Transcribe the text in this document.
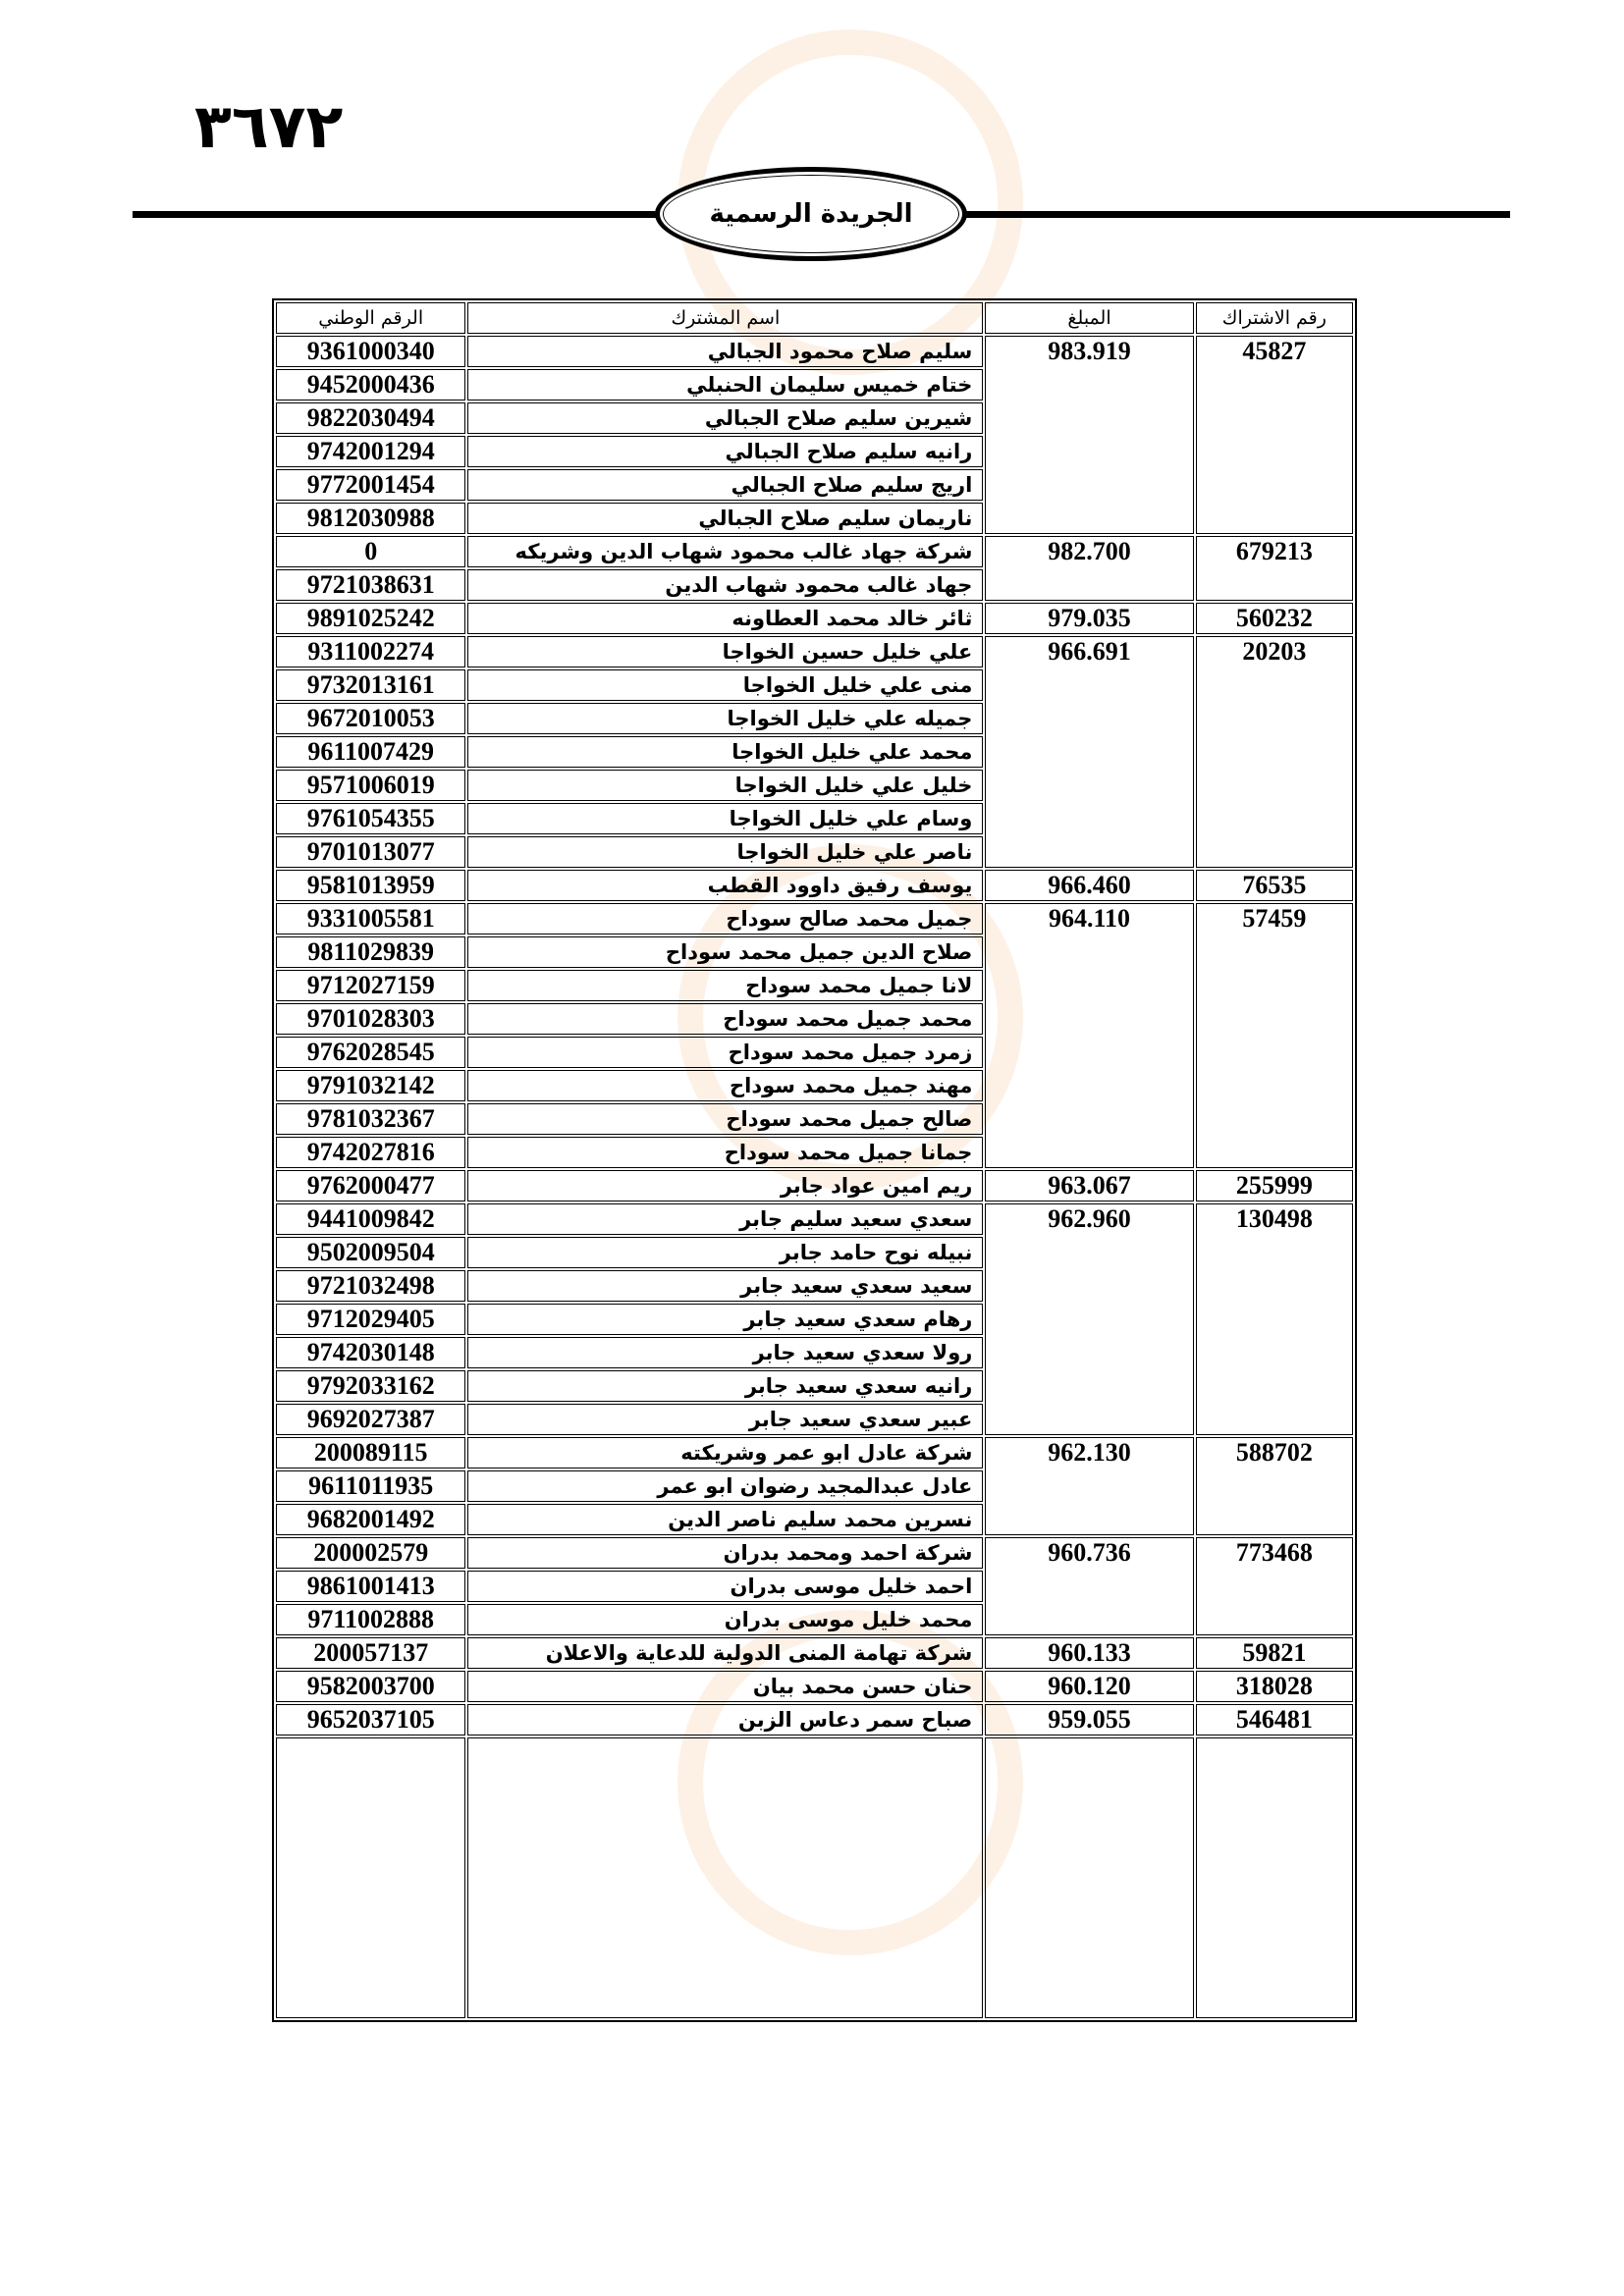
٣٦٧٢
الجريدة الرسمية
رقم الاشتراك	المبلغ	اسم المشترك	الرقم الوطني
45827	983.919	سليم صلاح محمود الجبالي	9361000340
		ختام خميس سليمان الحنبلي	9452000436
		شيرين سليم صلاح الجبالي	9822030494
		رانيه سليم صلاح الجبالي	9742001294
		اريج سليم صلاح الجبالي	9772001454
		ناريمان سليم صلاح الجبالي	9812030988
679213	982.700	شركة جهاد غالب محمود شهاب الدين وشريكه	0
		جهاد غالب محمود شهاب الدين	9721038631
560232	979.035	ثائر خالد محمد العطاونه	9891025242
20203	966.691	علي خليل حسين الخواجا	9311002274
		منى علي خليل الخواجا	9732013161
		جميله علي خليل الخواجا	9672010053
		محمد علي خليل الخواجا	9611007429
		خليل علي خليل الخواجا	9571006019
		وسام علي خليل الخواجا	9761054355
		ناصر علي خليل الخواجا	9701013077
76535	966.460	يوسف رفيق داوود القطب	9581013959
57459	964.110	جميل محمد صالح سوداح	9331005581
		صلاح الدين جميل محمد سوداح	9811029839
		لانا جميل محمد سوداح	9712027159
		محمد جميل محمد سوداح	9701028303
		زمرد جميل محمد سوداح	9762028545
		مهند جميل محمد سوداح	9791032142
		صالح جميل محمد سوداح	9781032367
		جمانا جميل محمد سوداح	9742027816
255999	963.067	ريم امين عواد جابر	9762000477
130498	962.960	سعدي سعيد سليم جابر	9441009842
		نبيله نوح حامد جابر	9502009504
		سعيد سعدي سعيد جابر	9721032498
		رهام سعدي سعيد جابر	9712029405
		رولا سعدي سعيد جابر	9742030148
		رانيه سعدي سعيد جابر	9792033162
		عبير سعدي سعيد جابر	9692027387
588702	962.130	شركة عادل ابو عمر وشريكته	200089115
		عادل عبدالمجيد رضوان ابو عمر	9611011935
		نسرين محمد سليم ناصر الدين	9682001492
773468	960.736	شركة احمد ومحمد بدران	200002579
		احمد خليل موسى بدران	9861001413
		محمد خليل موسى بدران	9711002888
59821	960.133	شركة تهامة المنى الدولية للدعاية والاعلان	200057137
318028	960.120	حنان حسن محمد بيان	9582003700
546481	959.055	صباح سمر دعاس الزبن	9652037105
